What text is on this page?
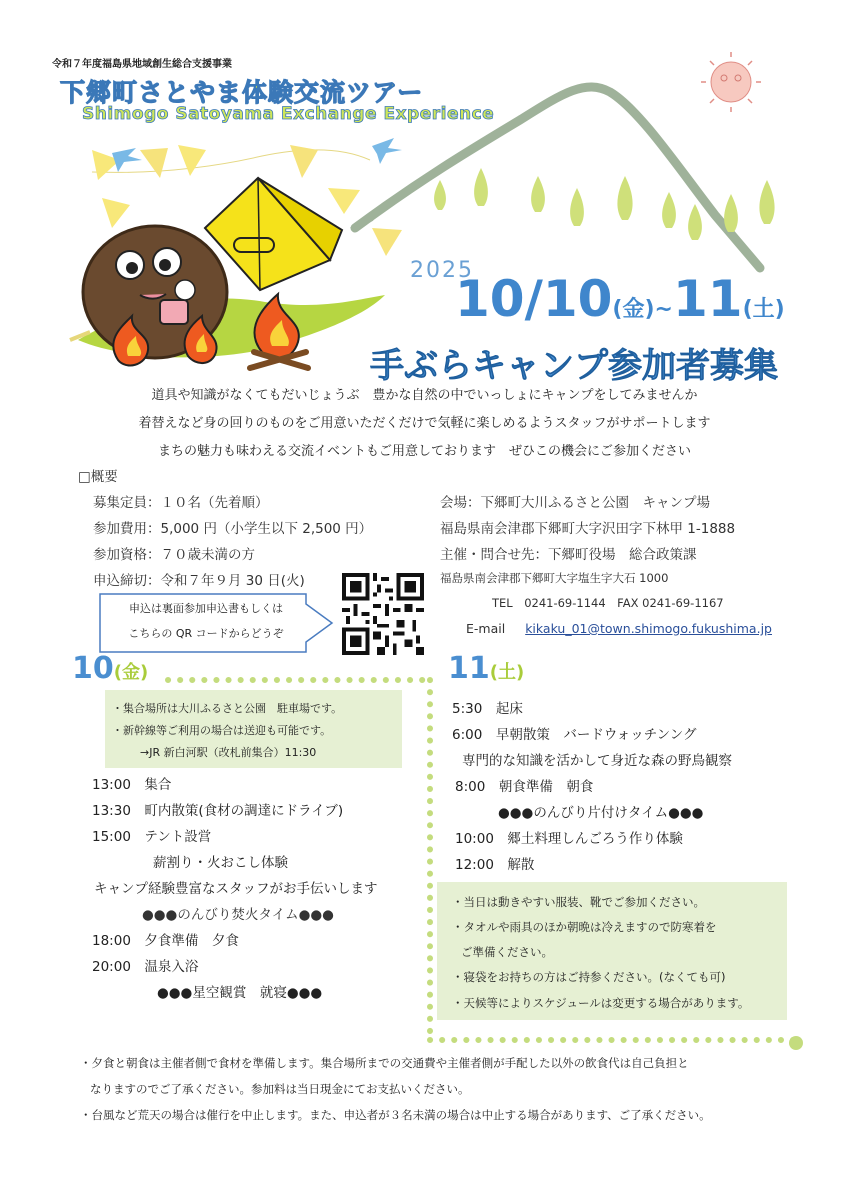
令和７年度福島県地域創生総合支援事業
下郷町さとやま体験交流ツアー
Shimogo Satoyama Exchange Experience
2025
10/10(金)~11(土)
手ぶらキャンプ参加者募集
道具や知識がなくてもだいじょうぶ　豊かな自然の中でいっしょにキャンプをしてみませんか
着替えなど身の回りのものをご用意いただくだけで気軽に楽しめるようスタッフがサポートします
まちの魅力も味わえる交流イベントもご用意しております　ぜひこの機会にご参加ください
□概要
募集定員：１０名（先着順）
参加費用：5,000 円（小学生以下 2,500 円）
参加資格：７０歳未満の方
申込締切：令和７年９月 30 日(火)
会場：下郷町大川ふるさと公園　キャンプ場
福島県南会津郡下郷町大字沢田字下林甲 1-1888
主催・問合せ先：下郷町役場　総合政策課
福島県南会津郡下郷町大字塩生字大石 1000
TEL　0241-69-1144　FAX 0241-69-1167
E-mail kikaku_01@town.shimogo.fukushima.jp
申込は裏面参加申込書もしくは
こちらの QR コードからどうぞ
10(金)
・集合場所は大川ふるさと公園　駐車場です。
・新幹線等ご利用の場合は送迎も可能です。
→JR 新白河駅（改札前集合）11:30
13:00　集合
13:30　町内散策(食材の調達にドライブ)
15:00　テント設営
薪割り・火おこし体験
キャンプ経験豊富なスタッフがお手伝いします
●●●のんびり焚火タイム●●●
18:00　夕食準備　夕食
20:00　温泉入浴
●●●星空観賞　就寝●●●
11(土)
5:30　起床
6:00　早朝散策　バードウォッチンング
専門的な知識を活かして身近な森の野鳥観察
8:00　朝食準備　朝食
●●●のんびり片付けタイム●●●
10:00　郷土料理しんごろう作り体験
12:00　解散
・当日は動きやすい服装、靴でご参加ください。
・タオルや雨具のほか朝晩は冷えますので防寒着を
ご準備ください。
・寝袋をお持ちの方はご持参ください。(なくても可)
・天候等によりスケジュールは変更する場合があります。
・夕食と朝食は主催者側で食材を準備します。集合場所までの交通費や主催者側が手配した以外の飲食代は自己負担と
なりますのでご了承ください。参加料は当日現金にてお支払いください。
・台風など荒天の場合は催行を中止します。また、申込者が３名未満の場合は中止する場合があります、ご了承ください。
